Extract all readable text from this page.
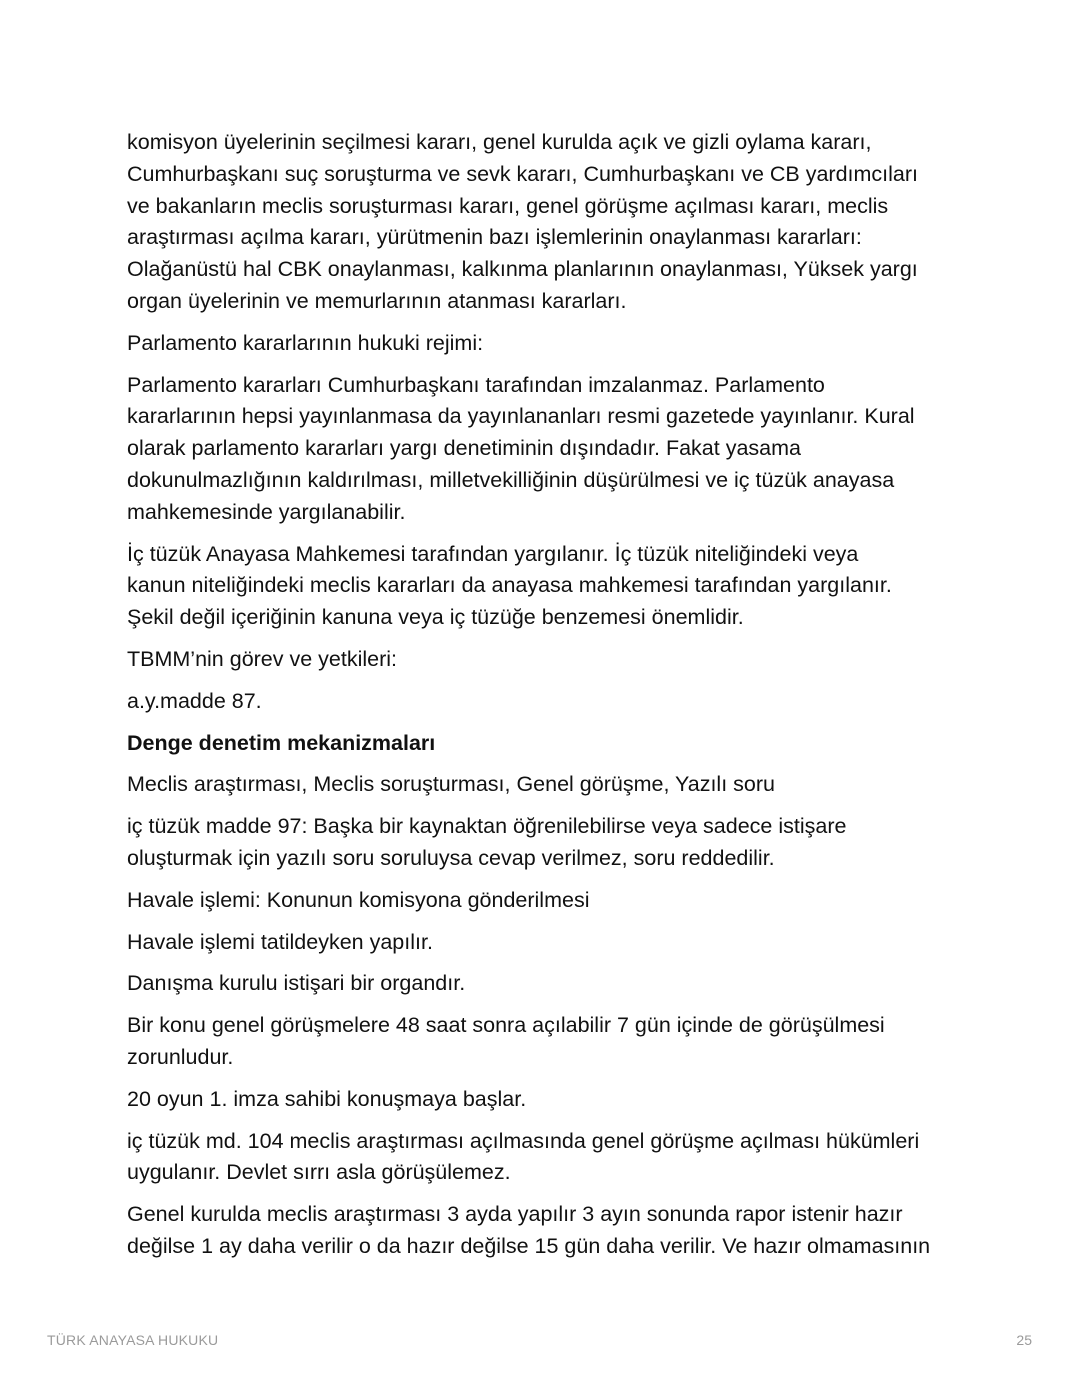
komisyon üyelerinin seçilmesi kararı, genel kurulda açık ve gizli oylama kararı,
Cumhurbaşkanı suç soruşturma ve sevk kararı, Cumhurbaşkanı ve CB yardımcıları
ve bakanların meclis soruşturması kararı, genel görüşme açılması kararı, meclis
araştırması açılma kararı, yürütmenin bazı işlemlerinin onaylanması kararları:
Olağanüstü hal CBK onaylanması, kalkınma planlarının onaylanması, Yüksek yargı
organ üyelerinin ve memurlarının atanması kararları.

Parlamento kararlarının hukuki rejimi:

Parlamento kararları Cumhurbaşkanı tarafından imzalanmaz. Parlamento
kararlarının hepsi yayınlanmasa da yayınlananları resmi gazetede yayınlanır. Kural
olarak parlamento kararları yargı denetiminin dışındadır. Fakat yasama
dokunulmazlığının kaldırılması, milletvekilliğinin düşürülmesi ve iç tüzük anayasa
mahkemesinde yargılanabilir.

İç tüzük Anayasa Mahkemesi tarafından yargılanır. İç tüzük niteliğindeki veya
kanun niteliğindeki meclis kararları da anayasa mahkemesi tarafından yargılanır.
Şekil değil içeriğinin kanuna veya iç tüzüğe benzemesi önemlidir.

TBMM’nin görev ve yetkileri:

a.y.madde 87.

Denge denetim mekanizmaları

Meclis araştırması, Meclis soruşturması, Genel görüşme, Yazılı soru

iç tüzük madde 97: Başka bir kaynaktan öğrenilebilirse veya sadece istişare
oluşturmak için yazılı soru soruluysa cevap verilmez, soru reddedilir.

Havale işlemi: Konunun komisyona gönderilmesi

Havale işlemi tatildeyken yapılır.

Danışma kurulu istişari bir organdır.

Bir konu genel görüşmelere 48 saat sonra açılabilir 7 gün içinde de görüşülmesi
zorunludur.

20 oyun 1. imza sahibi konuşmaya başlar.

iç tüzük md. 104 meclis araştırması açılmasında genel görüşme açılması hükümleri
uygulanır. Devlet sırrı asla görüşülemez.

Genel kurulda meclis araştırması 3 ayda yapılır 3 ayın sonunda rapor istenir hazır
değilse 1 ay daha verilir o da hazır değilse 15 gün daha verilir. Ve hazır olmamasının

TÜRK ANAYASA HUKUKU	25
